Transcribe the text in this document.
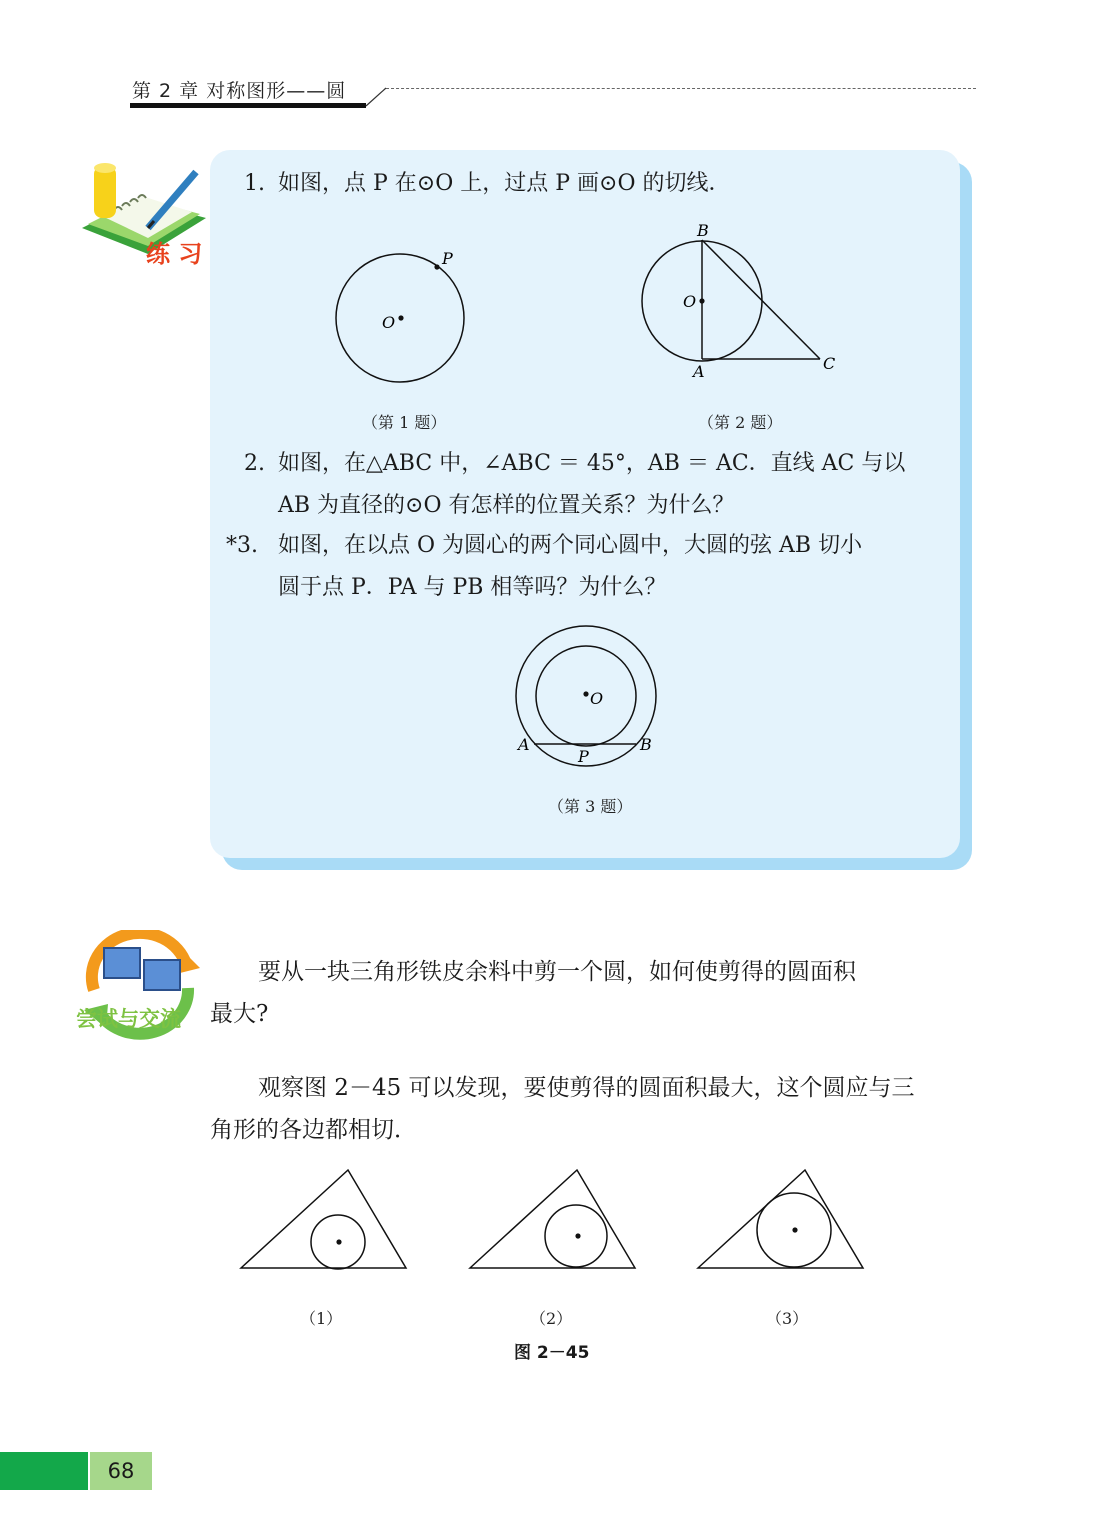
第 2 章 对称图形——圆
练 习
1. 如图，点 P 在⊙O 上，过点 P 画⊙O 的切线．
O
P
（第 1 题）
B
O
A	C
（第 2 题）
2. 如图，在△ABC 中，∠ABC ＝ 45°，AB ＝ AC．直线 AC 与以
AB 为直径的⊙O 有怎样的位置关系？为什么？
*3. 如图，在以点 O 为圆心的两个同心圆中，大圆的弦 AB 切小
圆于点 P．PA 与 PB 相等吗？为什么？
O
A	B
P
（第 3 题）
尝试与交流
要从一块三角形铁皮余料中剪一个圆，如何使剪得的圆面积
最大?
观察图 2－45 可以发现，要使剪得的圆面积最大，这个圆应与三
角形的各边都相切．
（1）	（2）	（3）
图 2－45
68
